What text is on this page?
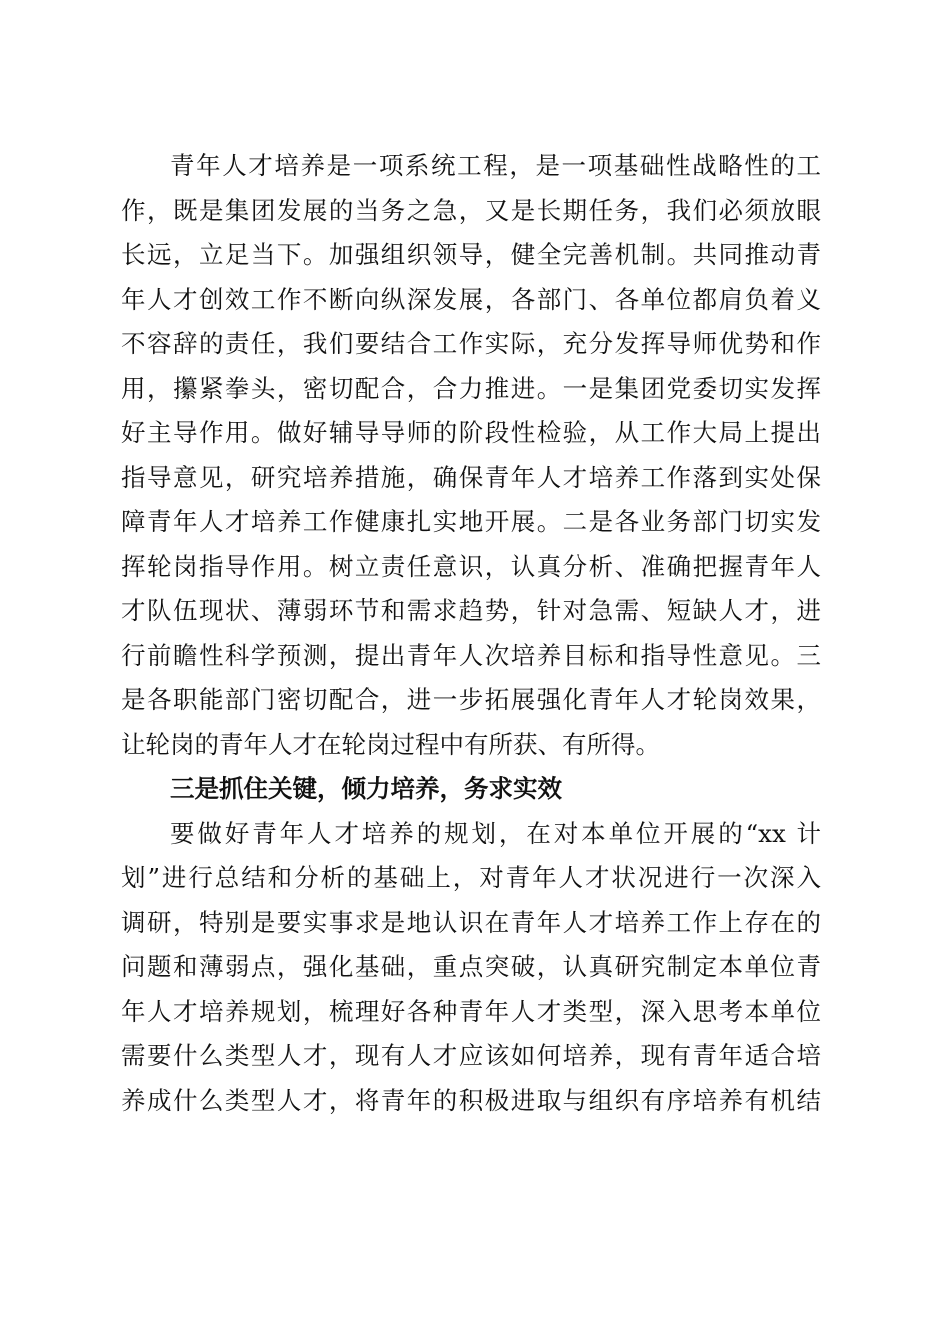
青年人才培养是一项系统工程，是一项基础性战略性的工
作，既是集团发展的当务之急，又是长期任务，我们必须放眼
长远，立足当下。加强组织领导，健全完善机制。共同推动青
年人才创效工作不断向纵深发展，各部门、各单位都肩负着义
不容辞的责任，我们要结合工作实际，充分发挥导师优势和作
用，攥紧拳头，密切配合，合力推进。一是集团党委切实发挥
好主导作用。做好辅导导师的阶段性检验，从工作大局上提出
指导意见，研究培养措施，确保青年人才培养工作落到实处保
障青年人才培养工作健康扎实地开展。二是各业务部门切实发
挥轮岗指导作用。树立责任意识，认真分析、准确把握青年人
才队伍现状、薄弱环节和需求趋势，针对急需、短缺人才，进
行前瞻性科学预测，提出青年人次培养目标和指导性意见。三
是各职能部门密切配合，进一步拓展强化青年人才轮岗效果，
让轮岗的青年人才在轮岗过程中有所获、有所得。
三是抓住关键，倾力培养，务求实效
要做好青年人才培养的规划，在对本单位开展的“xx 计
划”进行总结和分析的基础上，对青年人才状况进行一次深入
调研，特别是要实事求是地认识在青年人才培养工作上存在的
问题和薄弱点，强化基础，重点突破，认真研究制定本单位青
年人才培养规划，梳理好各种青年人才类型，深入思考本单位
需要什么类型人才，现有人才应该如何培养，现有青年适合培
养成什么类型人才，将青年的积极进取与组织有序培养有机结
